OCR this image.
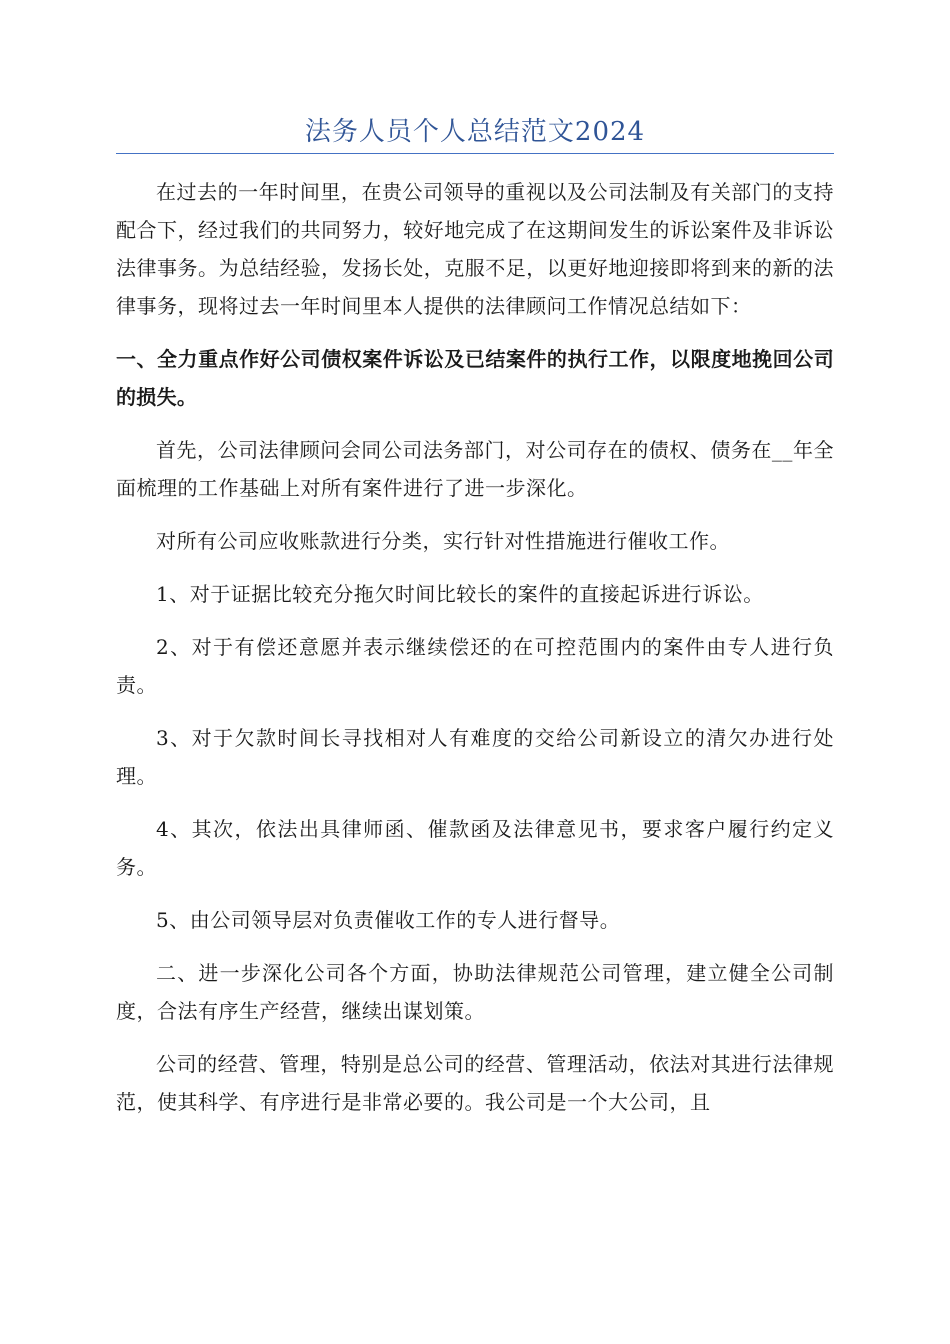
法务人员个人总结范文2024

在过去的一年时间里，在贵公司领导的重视以及公司法制及有关部门的支持配合下，经过我们的共同努力，较好地完成了在这期间发生的诉讼案件及非诉讼法律事务。为总结经验，发扬长处，克服不足，以更好地迎接即将到来的新的法律事务，现将过去一年时间里本人提供的法律顾问工作情况总结如下：

一、全力重点作好公司债权案件诉讼及已结案件的执行工作，以限度地挽回公司的损失。

首先，公司法律顾问会同公司法务部门，对公司存在的债权、债务在__年全面梳理的工作基础上对所有案件进行了进一步深化。

对所有公司应收账款进行分类，实行针对性措施进行催收工作。

1、对于证据比较充分拖欠时间比较长的案件的直接起诉进行诉讼。

2、对于有偿还意愿并表示继续偿还的在可控范围内的案件由专人进行负责。

3、对于欠款时间长寻找相对人有难度的交给公司新设立的清欠办进行处理。

4、其次，依法出具律师函、催款函及法律意见书，要求客户履行约定义务。

5、由公司领导层对负责催收工作的专人进行督导。

二、进一步深化公司各个方面，协助法律规范公司管理，建立健全公司制度，合法有序生产经营，继续出谋划策。

公司的经营、管理，特别是总公司的经营、管理活动，依法对其进行法律规范，使其科学、有序进行是非常必要的。我公司是一个大公司，且
